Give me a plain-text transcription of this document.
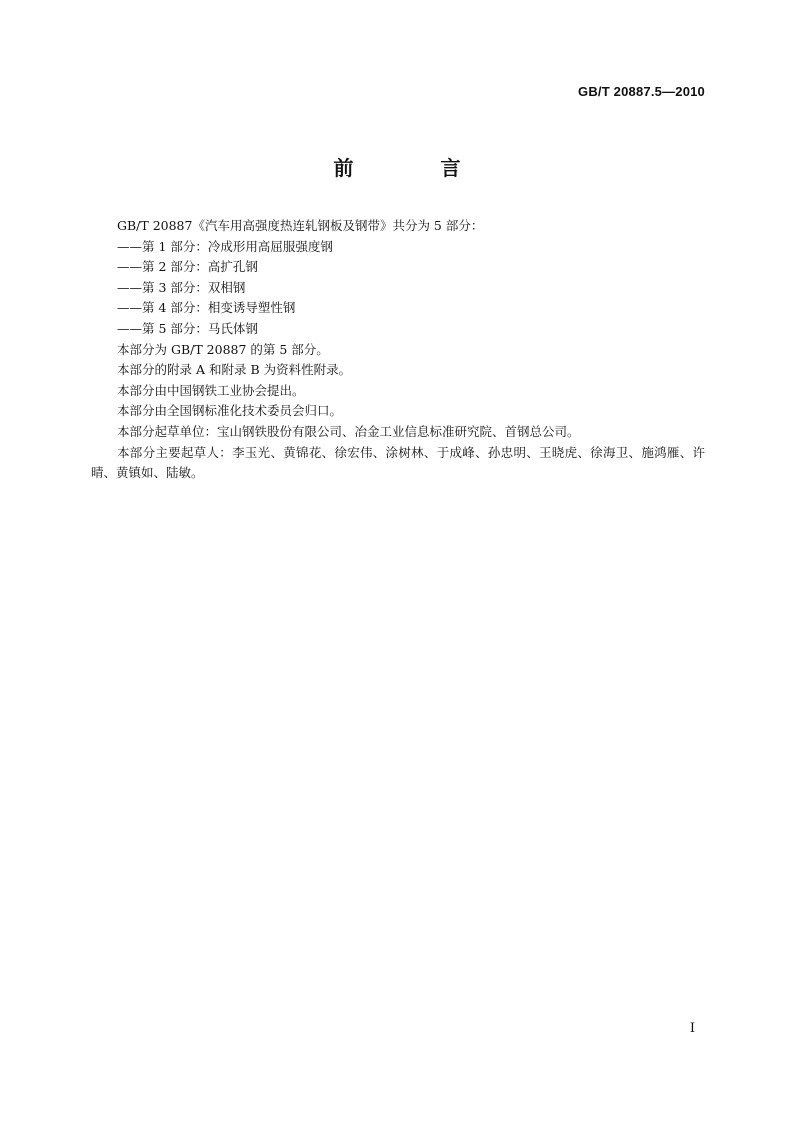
GB/T 20887.5—2010
前 言

GB/T 20887《汽车用高强度热连轧钢板及钢带》共分为 5 部分：

——第 1 部分：冷成形用高屈服强度钢

——第 2 部分：高扩孔钢

——第 3 部分：双相钢

——第 4 部分：相变诱导塑性钢

——第 5 部分：马氏体钢

本部分为 GB/T 20887 的第 5 部分。

本部分的附录 A 和附录 B 为资料性附录。

本部分由中国钢铁工业协会提出。

本部分由全国钢标准化技术委员会归口。

本部分起草单位：宝山钢铁股份有限公司、冶金工业信息标准研究院、首钢总公司。

本部分主要起草人：李玉光、黄锦花、徐宏伟、涂树林、于成峰、孙忠明、王晓虎、徐海卫、施鸿雁、许晴、黄镇如、陆敏。

I
